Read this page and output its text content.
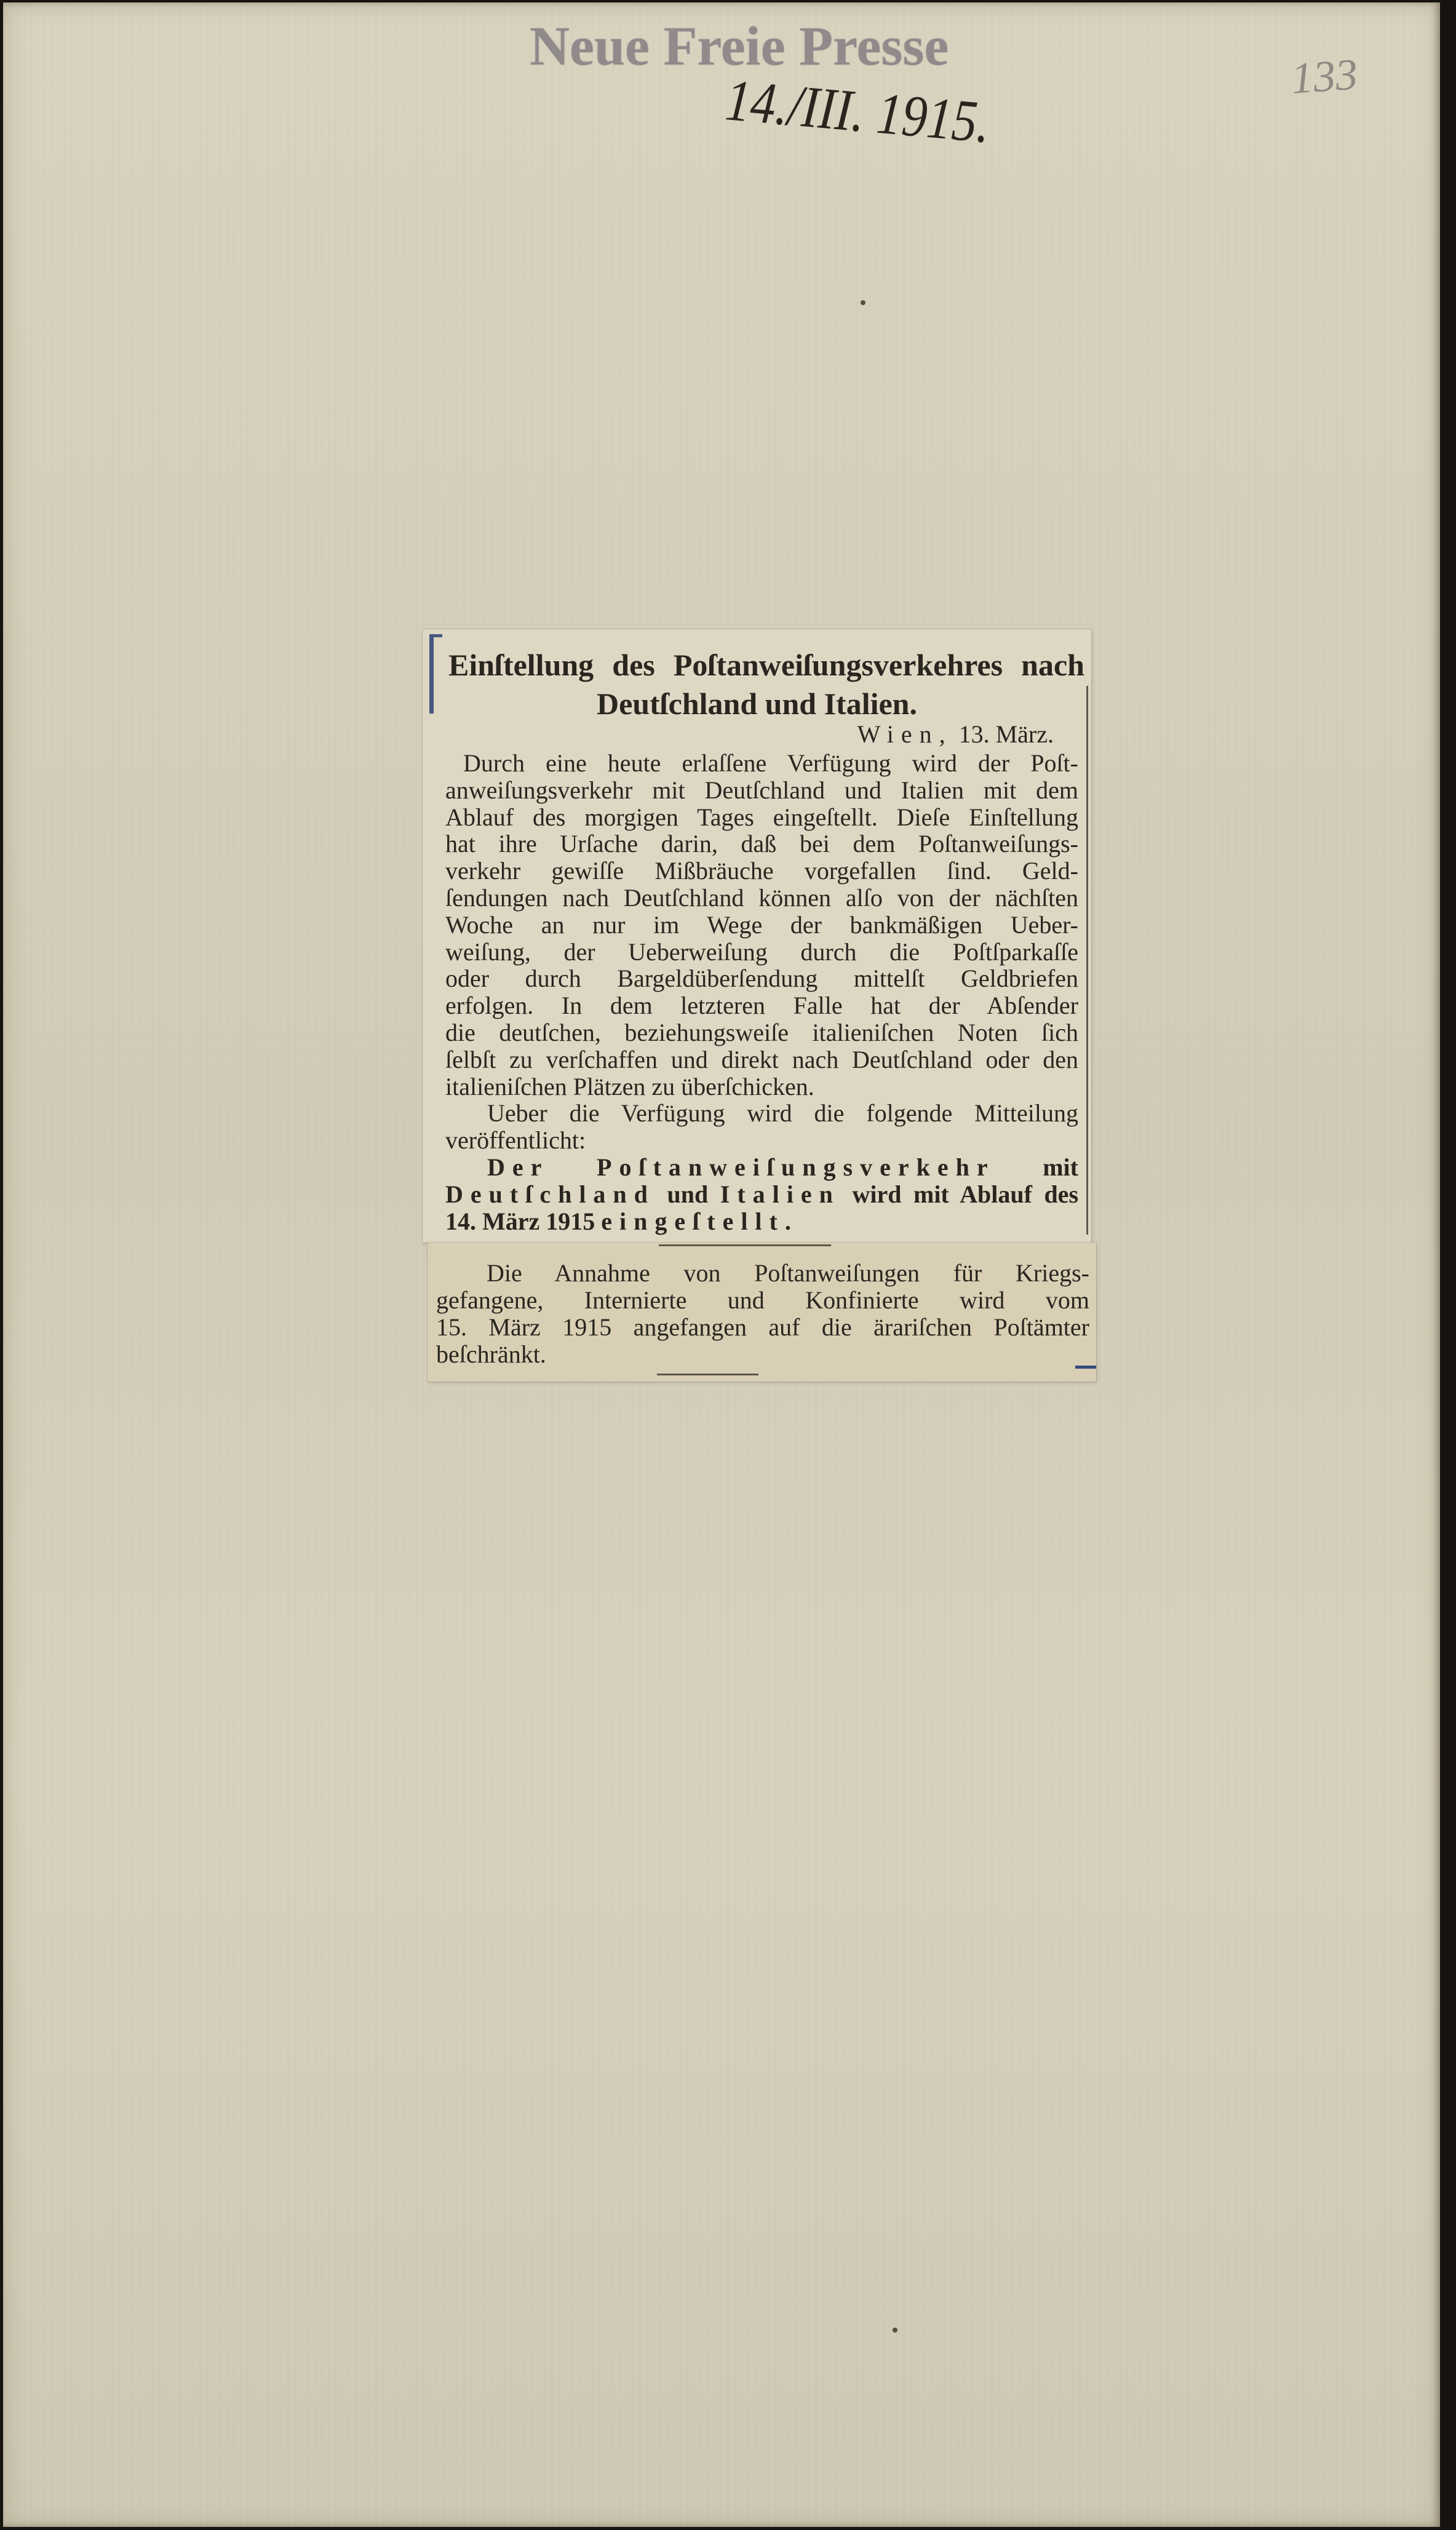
Neue Freie Presse
14./III. 1915.	133
Einſtellung des Poſtanweiſungsverkehres nach
Deutſchland und Italien.
Wien, 13. März.
Durch eine heute erlaſſene Verfügung wird der Poſt-
anweiſungsverkehr mit Deutſchland und Italien mit dem
Ablauf des morgigen Tages eingeſtellt. Dieſe Einſtellung
hat ihre Urſache darin, daß bei dem Poſtanweiſungs-
verkehr gewiſſe Mißbräuche vorgefallen ſind. Geld-
ſendungen nach Deutſchland können alſo von der nächſten
Woche an nur im Wege der bankmäßigen Ueber-
weiſung, der Ueberweiſung durch die Poſtſparkaſſe
oder durch Bargeldüberſendung mittelſt Geldbriefen
erfolgen. In dem letzteren Falle hat der Abſender
die deutſchen, beziehungsweiſe italieniſchen Noten ſich
ſelbſt zu verſchaffen und direkt nach Deutſchland oder den
italieniſchen Plätzen zu überſchicken.
Ueber die Verfügung wird die folgende Mitteilung
veröffentlicht:
Der Poſtanweiſungsverkehr mit
Deutſchland und Italien wird mit Ablauf des
14. März 1915 eingeſtellt.
Die Annahme von Poſtanweiſungen für Kriegs-
gefangene, Internierte und Konfinierte wird vom
15. März 1915 angefangen auf die ärariſchen Poſtämter
beſchränkt.
